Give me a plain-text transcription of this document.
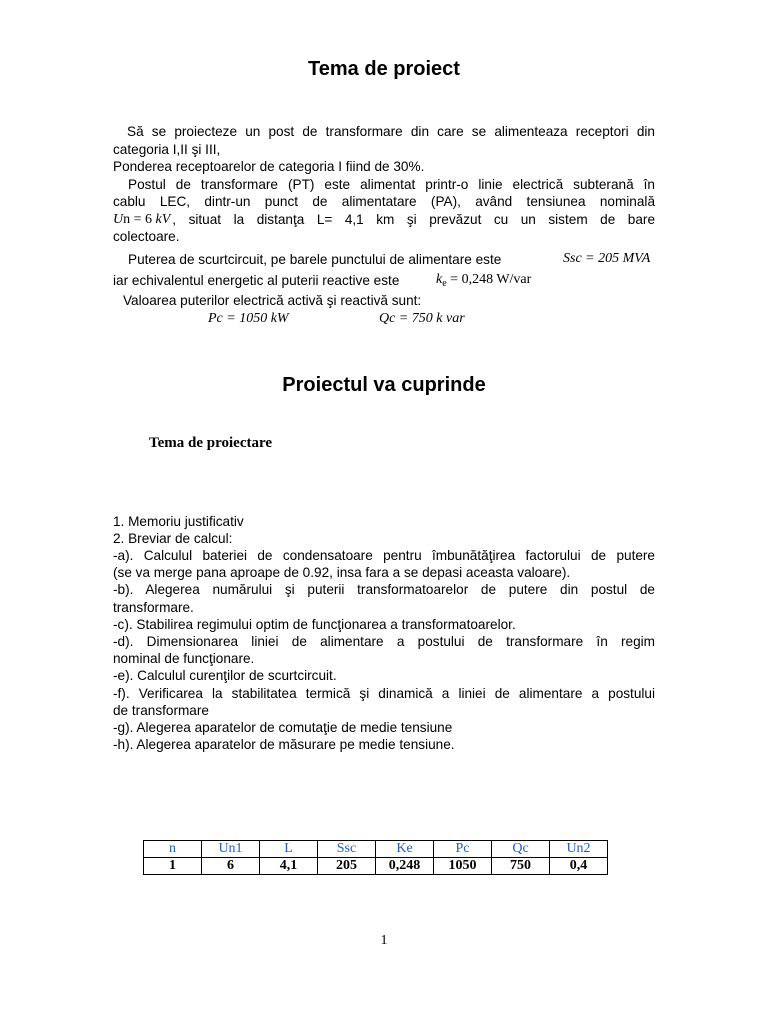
Tema de proiect
Să se proiecteze un post de transformare din care se alimenteaza receptori din
categoria I,II şi III,
Ponderea receptoarelor de categoria I fiind de 30%.
Postul de transformare (PT) este alimentat printr-o linie electrică subterană în
cablu LEC, dintr-un punct de alimentatare (PA), având tensiunea nominală
Un = 6 kV , situat la distanţa L= 4,1 km şi prevăzut cu un sistem de bare
colectoare.
Puterea de scurtcircuit, pe barele punctului de alimentare este	Ssc = 205 MVA
iar echivalentul energetic al puterii reactive este	$k_e = 0,248$ W/var
Valoarea puterilor electrică activă şi reactivă sunt:
Pc = 1050 kW	Qc = 750 k var
Proiectul va cuprinde
Tema de proiectare
1. Memoriu justificativ
2. Breviar de calcul:
-a). Calculul bateriei de condensatoare pentru îmbunătăţirea factorului de putere
(se va merge pana aproape de 0.92, insa fara a se depasi aceasta valoare).
-b). Alegerea numărului şi puterii transformatoarelor de putere din postul de
transformare.
-c). Stabilirea regimului optim de funcţionarea a transformatoarelor.
-d). Dimensionarea liniei de alimentare a postului de transformare în regim
nominal de funcţionare.
-e). Calculul curenţilor de scurtcircuit.
-f). Verificarea la stabilitatea termică şi dinamică a liniei de alimentare a postului
de transformare
-g). Alegerea aparatelor de comutaţie de medie tensiune
-h). Alegerea aparatelor de măsurare pe medie tensiune.
n	Un1	L	Ssc	Ke	Pc	Qc	Un2
1	6	4,1	205	0,248	1050	750	0,4
1
